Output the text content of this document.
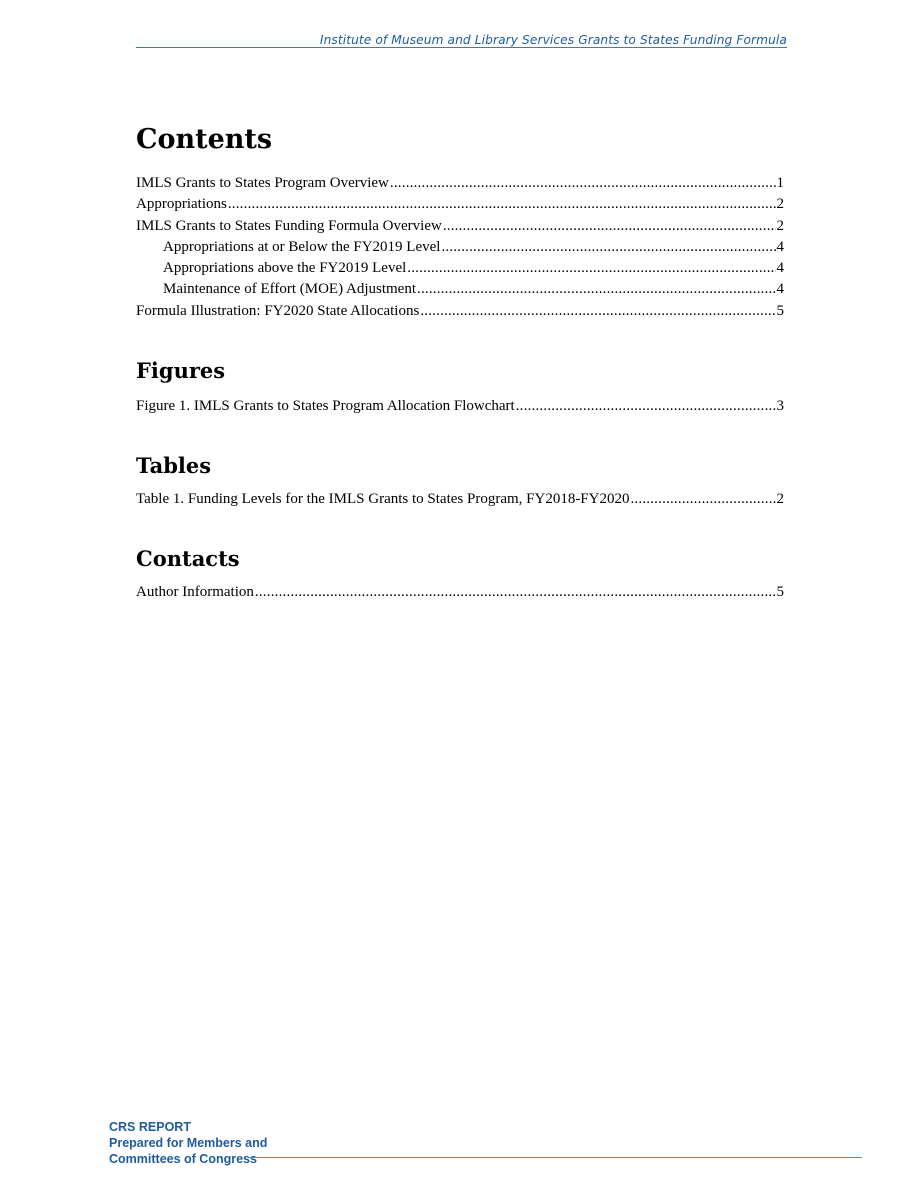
Institute of Museum and Library Services Grants to States Funding Formula
Contents
IMLS Grants to States Program Overview .....	1
Appropriations .....	2
IMLS Grants to States Funding Formula Overview .....	2
Appropriations at or Below the FY2019 Level .....	4
Appropriations above the FY2019 Level .....	4
Maintenance of Effort (MOE) Adjustment .....	4
Formula Illustration: FY2020 State Allocations .....	5
Figures
Figure 1. IMLS Grants to States Program Allocation Flowchart .....	3
Tables
Table 1. Funding Levels for the IMLS Grants to States Program, FY2018-FY2020 .....	2
Contacts
Author Information .....	5
CRS REPORT
Prepared for Members and
Committees of Congress
